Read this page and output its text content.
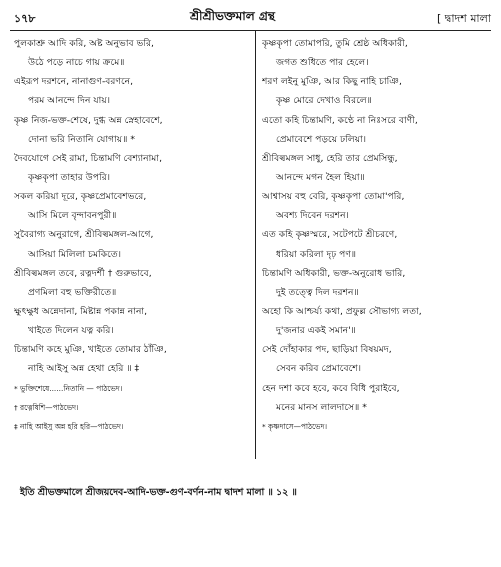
১৭৮	শ্রীশ্রীভক্তমাল গ্রন্থ	[ দ্বাদশ মালা
পুলকাশ্রু আদি করি, অষ্ট অনুভাব ভরি,
উঠে পড়ে নাচে গায় ক্রমে॥
এইরূপ দরশনে, নানাগুণ-বরণনে,
পরম আনন্দে দিন যায়।
কৃষ্ণ নিজ-ভক্ত-শেষে, দুগ্ধ অন্ন স্নেহাবেশে,
দোনা ভরি নিতানি যোগায়॥ *
দৈবযোগে সেই রামা, চিন্তামণি বেশ্যানামা,
কৃষ্ণকৃপা তাহার উপরি।
সকল করিয়া দূরে, কৃষ্ণপ্রেমাবেশভরে,
আসি মিলে বৃন্দাবনপুরী॥
সুবৈরাগ্য অনুরাগে, শ্রীবিল্বমঙ্গল-আগে,
আসিয়া মিলিলা চমকিতে।
শ্রীবিল্বমঙ্গল তবে, রত্নদর্শী † গুরুভাবে,
প্রণমিলা বহু ভক্তিরীতে॥
ক্ষুৎক্ষুধ অন্নেদানা, মিষ্টান্ন পকান্ন নানা,
খাইতে দিলেন যত্ন করি।
চিন্তামণি কহে মুঞি, খাইতে তোমার ঠাঁঞি,
নাহি আইসু অন্ন হেথা হেরি ॥ ‡
* ভুক্তিশেষে......নিতানি — পাঠভেদ।
† রত্নেষিশি—পাঠভেদ।
‡ নাহি আইসু অন্ন হরি হরি—পাঠভেদ।
কৃষ্ণকৃপা তোমাপরি, তুমি শ্রেষ্ঠ অধিকারী,
জগত শুধিতে পার হেলে।
শরণ লইনু মুঞি, আর কিছু নাহি চাঞি,
কৃষ্ণ মোরে দেখাও বিরলে॥
এতো কহি চিন্তামণি, কণ্ঠে না নিঃসরে বাণী,
প্রেমাবেশে পড়য়ে ঢলিয়া।
শ্রীবিল্বমঙ্গল সাধু, হেরি তার প্রেমসিন্ধু,
আনন্দে মগন হৈল হিয়া॥
আশ্বাসয় বহু বেরি, কৃষ্ণকৃপা তোমা'পরি,
অবশ্য দিবেন দরশন।
এত কহি কৃষ্ণস্মরে, সটেপটে শ্রীচরণে,
ধরিয়া করিলা দৃঢ় পণ॥
চিন্তামণি অধিকারী, ভক্ত-অনুরোধ ভারি,
দুই তত্ত্বে দিল দরশন॥
অহো কি আশ্চর্য্য কথা, প্রফুল্ল সৌভাগ্য লতা,
দু'জনার একই সমান'॥
সেই দোঁহাকার পদ, ছাড়িয়া বিষয়মদ,
সেবন করিব প্রেমাবেশে।
হেন দশা কবে হবে, কবে বিধি পুরাইবে,
মনের মানস লালদাসে॥ *
* কৃষ্ণদাসে—পাঠভেদ।
ইতি শ্রীভক্তমালে শ্রীজয়দেব-আদি-ভক্ত-গুণ-বর্ণন-নাম দ্বাদশ মালা ॥ ১২ ॥
